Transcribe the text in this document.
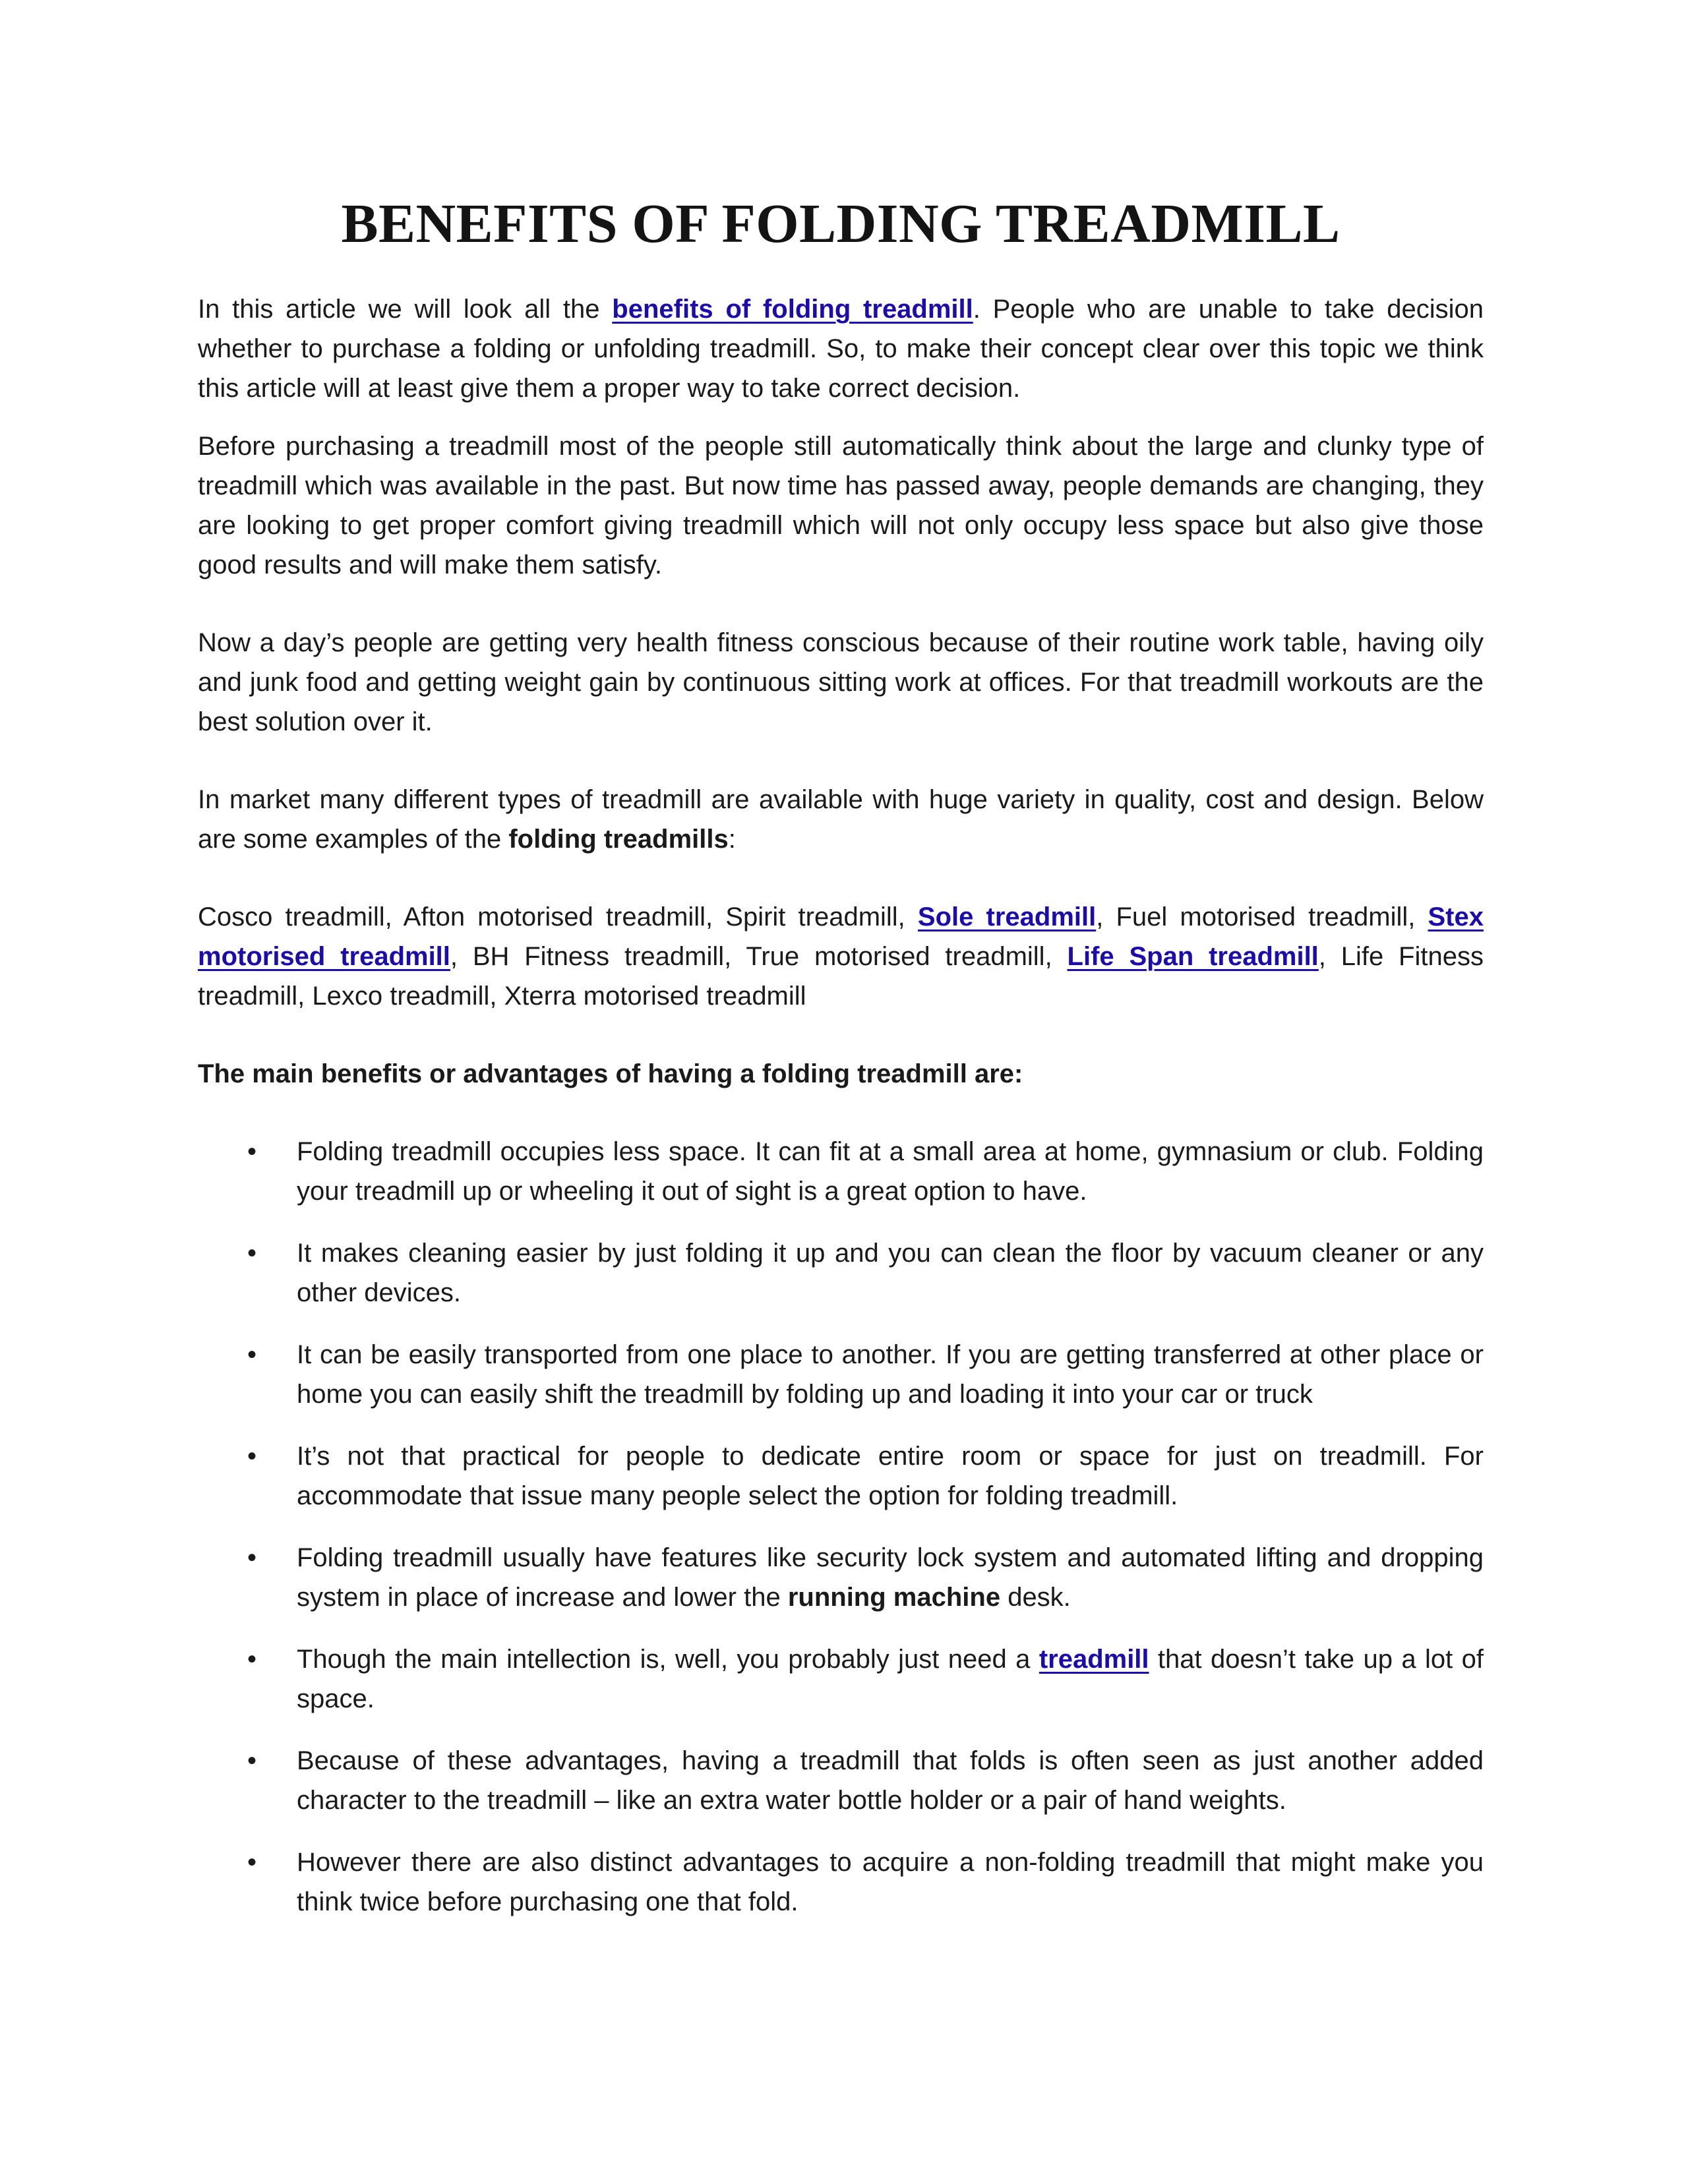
BENEFITS OF FOLDING TREADMILL

In this article we will look all the benefits of folding treadmill. People who are unable to take decision whether to purchase a folding or unfolding treadmill. So, to make their concept clear over this topic we think this article will at least give them a proper way to take correct decision.

Before purchasing a treadmill most of the people still automatically think about the large and clunky type of treadmill which was available in the past. But now time has passed away, people demands are changing, they are looking to get proper comfort giving treadmill which will not only occupy less space but also give those good results and will make them satisfy.

Now a day’s people are getting very health fitness conscious because of their routine work table, having oily and junk food and getting weight gain by continuous sitting work at offices. For that treadmill workouts are the best solution over it.

In market many different types of treadmill are available with huge variety in quality, cost and design. Below are some examples of the folding treadmills:

Cosco treadmill, Afton motorised treadmill, Spirit treadmill, Sole treadmill, Fuel motorised treadmill, Stex motorised treadmill, BH Fitness treadmill, True motorised treadmill, Life Span treadmill, Life Fitness treadmill, Lexco treadmill, Xterra motorised treadmill

The main benefits or advantages of having a folding treadmill are:

• Folding treadmill occupies less space. It can fit at a small area at home, gymnasium or club. Folding your treadmill up or wheeling it out of sight is a great option to have.
• It makes cleaning easier by just folding it up and you can clean the floor by vacuum cleaner or any other devices.
• It can be easily transported from one place to another. If you are getting transferred at other place or home you can easily shift the treadmill by folding up and loading it into your car or truck
• It’s not that practical for people to dedicate entire room or space for just on treadmill. For accommodate that issue many people select the option for folding treadmill.
• Folding treadmill usually have features like security lock system and automated lifting and dropping system in place of increase and lower the running machine desk.
• Though the main intellection is, well, you probably just need a treadmill that doesn’t take up a lot of space.
• Because of these advantages, having a treadmill that folds is often seen as just another added character to the treadmill – like an extra water bottle holder or a pair of hand weights.
• However there are also distinct advantages to acquire a non-folding treadmill that might make you think twice before purchasing one that fold.
